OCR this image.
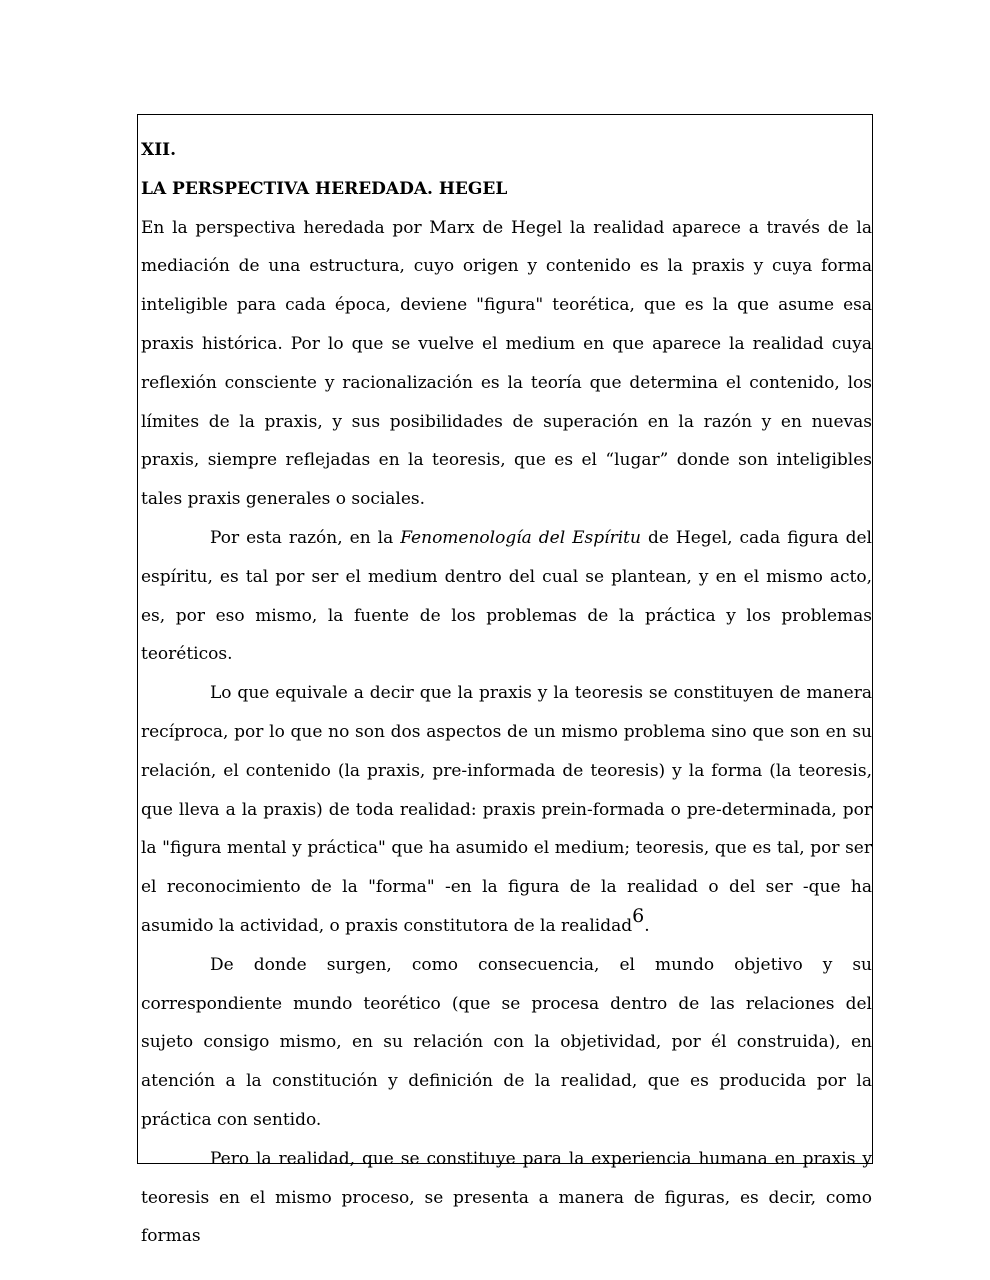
XII.

LA PERSPECTIVA HEREDADA. HEGEL

En la perspectiva heredada por Marx de Hegel la realidad aparece a través de la mediación de una estructura, cuyo origen y contenido es la praxis y cuya forma inteligible para cada época, deviene "figura" teorética, que es la que asume esa praxis histórica. Por lo que se vuelve el medium en que aparece la realidad cuya reflexión consciente y racionalización es la teoría que determina el contenido, los límites de la praxis, y sus posibilidades de superación en la razón y en nuevas praxis, siempre reflejadas en la teoresis, que es el “lugar” donde son inteligibles tales praxis generales o sociales.

Por esta razón, en la Fenomenología del Espíritu de Hegel, cada figura del espíritu, es tal por ser el medium dentro del cual se plantean, y en el mismo acto, es, por eso mismo, la fuente de los problemas de la práctica y los problemas teoréticos.

Lo que equivale a decir que la praxis y la teoresis se constituyen de manera recíproca, por lo que no son dos aspectos de un mismo problema sino que son en su relación, el contenido (la praxis, pre-informada de teoresis) y la forma (la teoresis, que lleva a la praxis) de toda realidad: praxis prein-formada o pre-determinada, por la "figura mental y práctica" que ha asumido el medium; teoresis, que es tal, por ser el reconocimiento de la "forma" -en la figura de la realidad o del ser -que ha asumido la actividad, o praxis constitutora de la realidad$^6$.

De donde surgen, como consecuencia, el mundo objetivo y su correspondiente mundo teorético (que se procesa dentro de las relaciones del sujeto consigo mismo, en su relación con la objetividad, por él construida), en atención a la constitución y definición de la realidad, que es producida por la práctica con sentido.

Pero la realidad, que se constituye para la experiencia humana en praxis y teoresis en el mismo proceso, se presenta a manera de figuras, es decir, como formas
